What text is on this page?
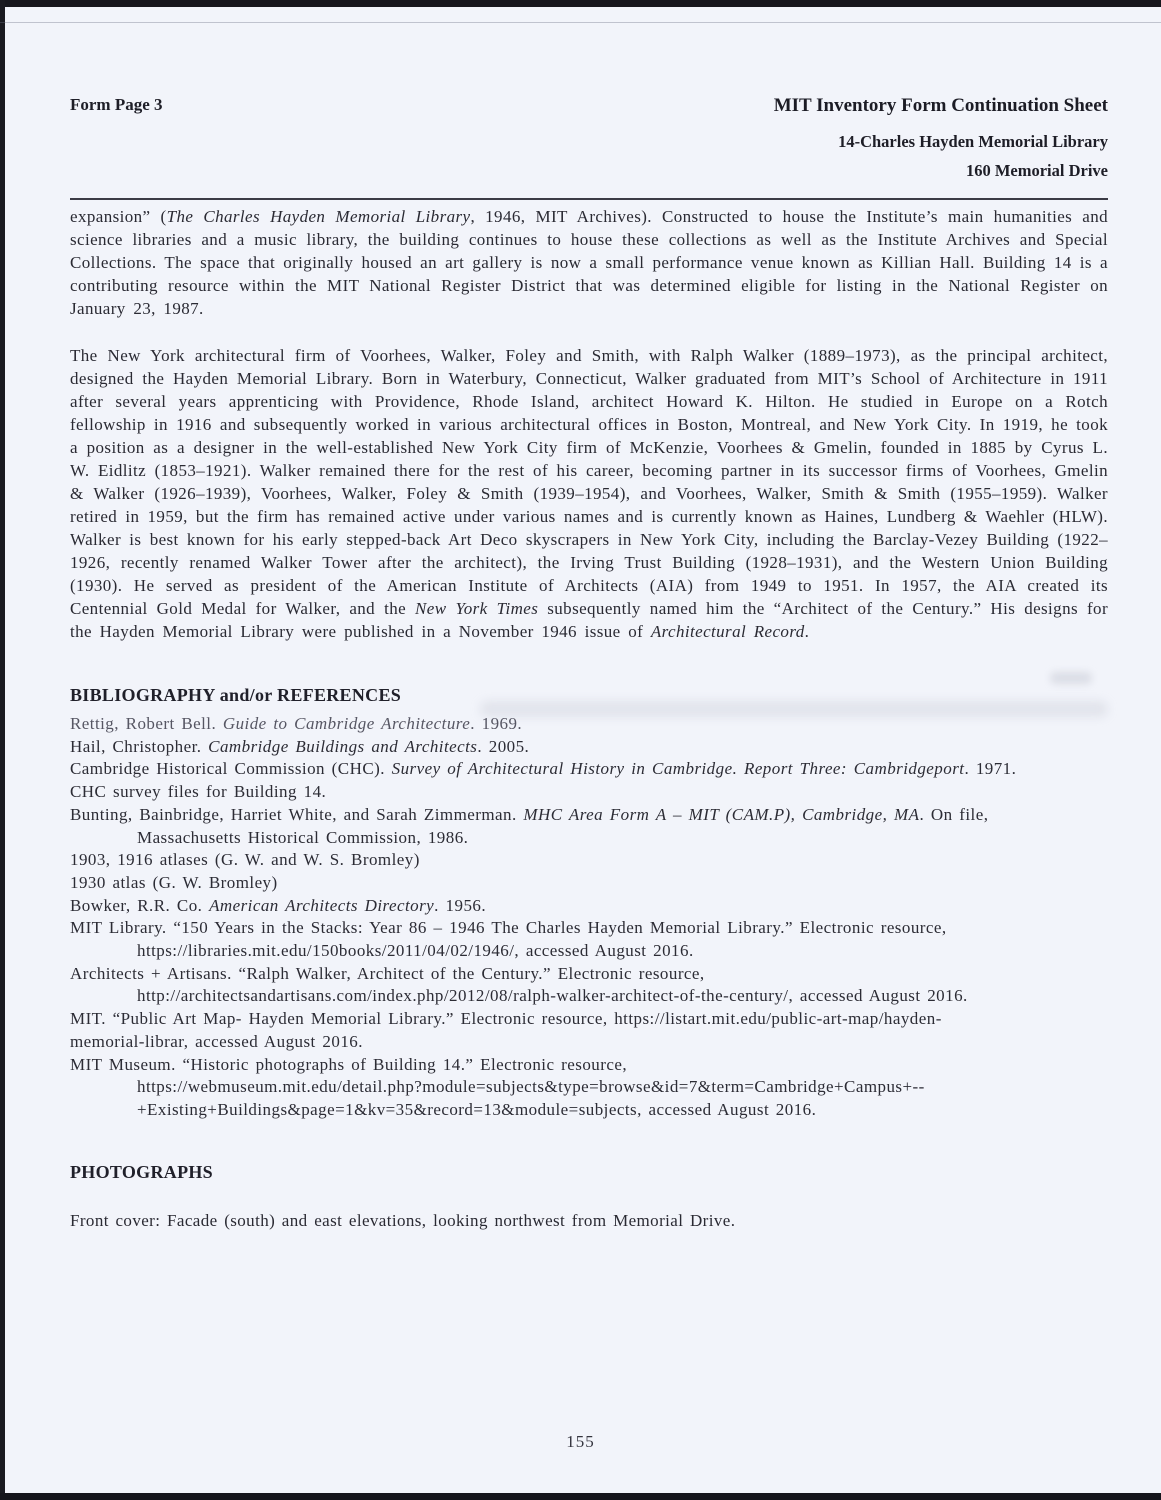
Form Page 3	MIT Inventory Form Continuation Sheet
14-Charles Hayden Memorial Library
160 Memorial Drive

expansion” (The Charles Hayden Memorial Library, 1946, MIT Archives). Constructed to house the Institute’s main humanities and science libraries and a music library, the building continues to house these collections as well as the Institute Archives and Special Collections. The space that originally housed an art gallery is now a small performance venue known as Killian Hall. Building 14 is a contributing resource within the MIT National Register District that was determined eligible for listing in the National Register on January 23, 1987.

The New York architectural firm of Voorhees, Walker, Foley and Smith, with Ralph Walker (1889–1973), as the principal architect, designed the Hayden Memorial Library. Born in Waterbury, Connecticut, Walker graduated from MIT’s School of Architecture in 1911 after several years apprenticing with Providence, Rhode Island, architect Howard K. Hilton. He studied in Europe on a Rotch fellowship in 1916 and subsequently worked in various architectural offices in Boston, Montreal, and New York City. In 1919, he took a position as a designer in the well-established New York City firm of McKenzie, Voorhees & Gmelin, founded in 1885 by Cyrus L. W. Eidlitz (1853–1921). Walker remained there for the rest of his career, becoming partner in its successor firms of Voorhees, Gmelin & Walker (1926–1939), Voorhees, Walker, Foley & Smith (1939–1954), and Voorhees, Walker, Smith & Smith (1955–1959). Walker retired in 1959, but the firm has remained active under various names and is currently known as Haines, Lundberg & Waehler (HLW). Walker is best known for his early stepped-back Art Deco skyscrapers in New York City, including the Barclay-Vezey Building (1922–1926, recently renamed Walker Tower after the architect), the Irving Trust Building (1928–1931), and the Western Union Building (1930). He served as president of the American Institute of Architects (AIA) from 1949 to 1951. In 1957, the AIA created its Centennial Gold Medal for Walker, and the New York Times subsequently named him the “Architect of the Century.” His designs for the Hayden Memorial Library were published in a November 1946 issue of Architectural Record.

BIBLIOGRAPHY and/or REFERENCES
Rettig, Robert Bell. Guide to Cambridge Architecture. 1969.
Hail, Christopher. Cambridge Buildings and Architects. 2005.
Cambridge Historical Commission (CHC). Survey of Architectural History in Cambridge. Report Three: Cambridgeport. 1971.
CHC survey files for Building 14.
Bunting, Bainbridge, Harriet White, and Sarah Zimmerman. MHC Area Form A – MIT (CAM.P), Cambridge, MA. On file,
Massachusetts Historical Commission, 1986.
1903, 1916 atlases (G. W. and W. S. Bromley)
1930 atlas (G. W. Bromley)
Bowker, R.R. Co. American Architects Directory. 1956.
MIT Library. “150 Years in the Stacks: Year 86 – 1946 The Charles Hayden Memorial Library.” Electronic resource,
https://libraries.mit.edu/150books/2011/04/02/1946/, accessed August 2016.
Architects + Artisans. “Ralph Walker, Architect of the Century.” Electronic resource,
http://architectsandartisans.com/index.php/2012/08/ralph-walker-architect-of-the-century/, accessed August 2016.
MIT. “Public Art Map- Hayden Memorial Library.” Electronic resource, https://listart.mit.edu/public-art-map/hayden-
memorial-librar, accessed August 2016.
MIT Museum. “Historic photographs of Building 14.” Electronic resource,
https://webmuseum.mit.edu/detail.php?module=subjects&type=browse&id=7&term=Cambridge+Campus+--
+Existing+Buildings&page=1&kv=35&record=13&module=subjects, accessed August 2016.
PHOTOGRAPHS

Front cover: Facade (south) and east elevations, looking northwest from Memorial Drive.

155
